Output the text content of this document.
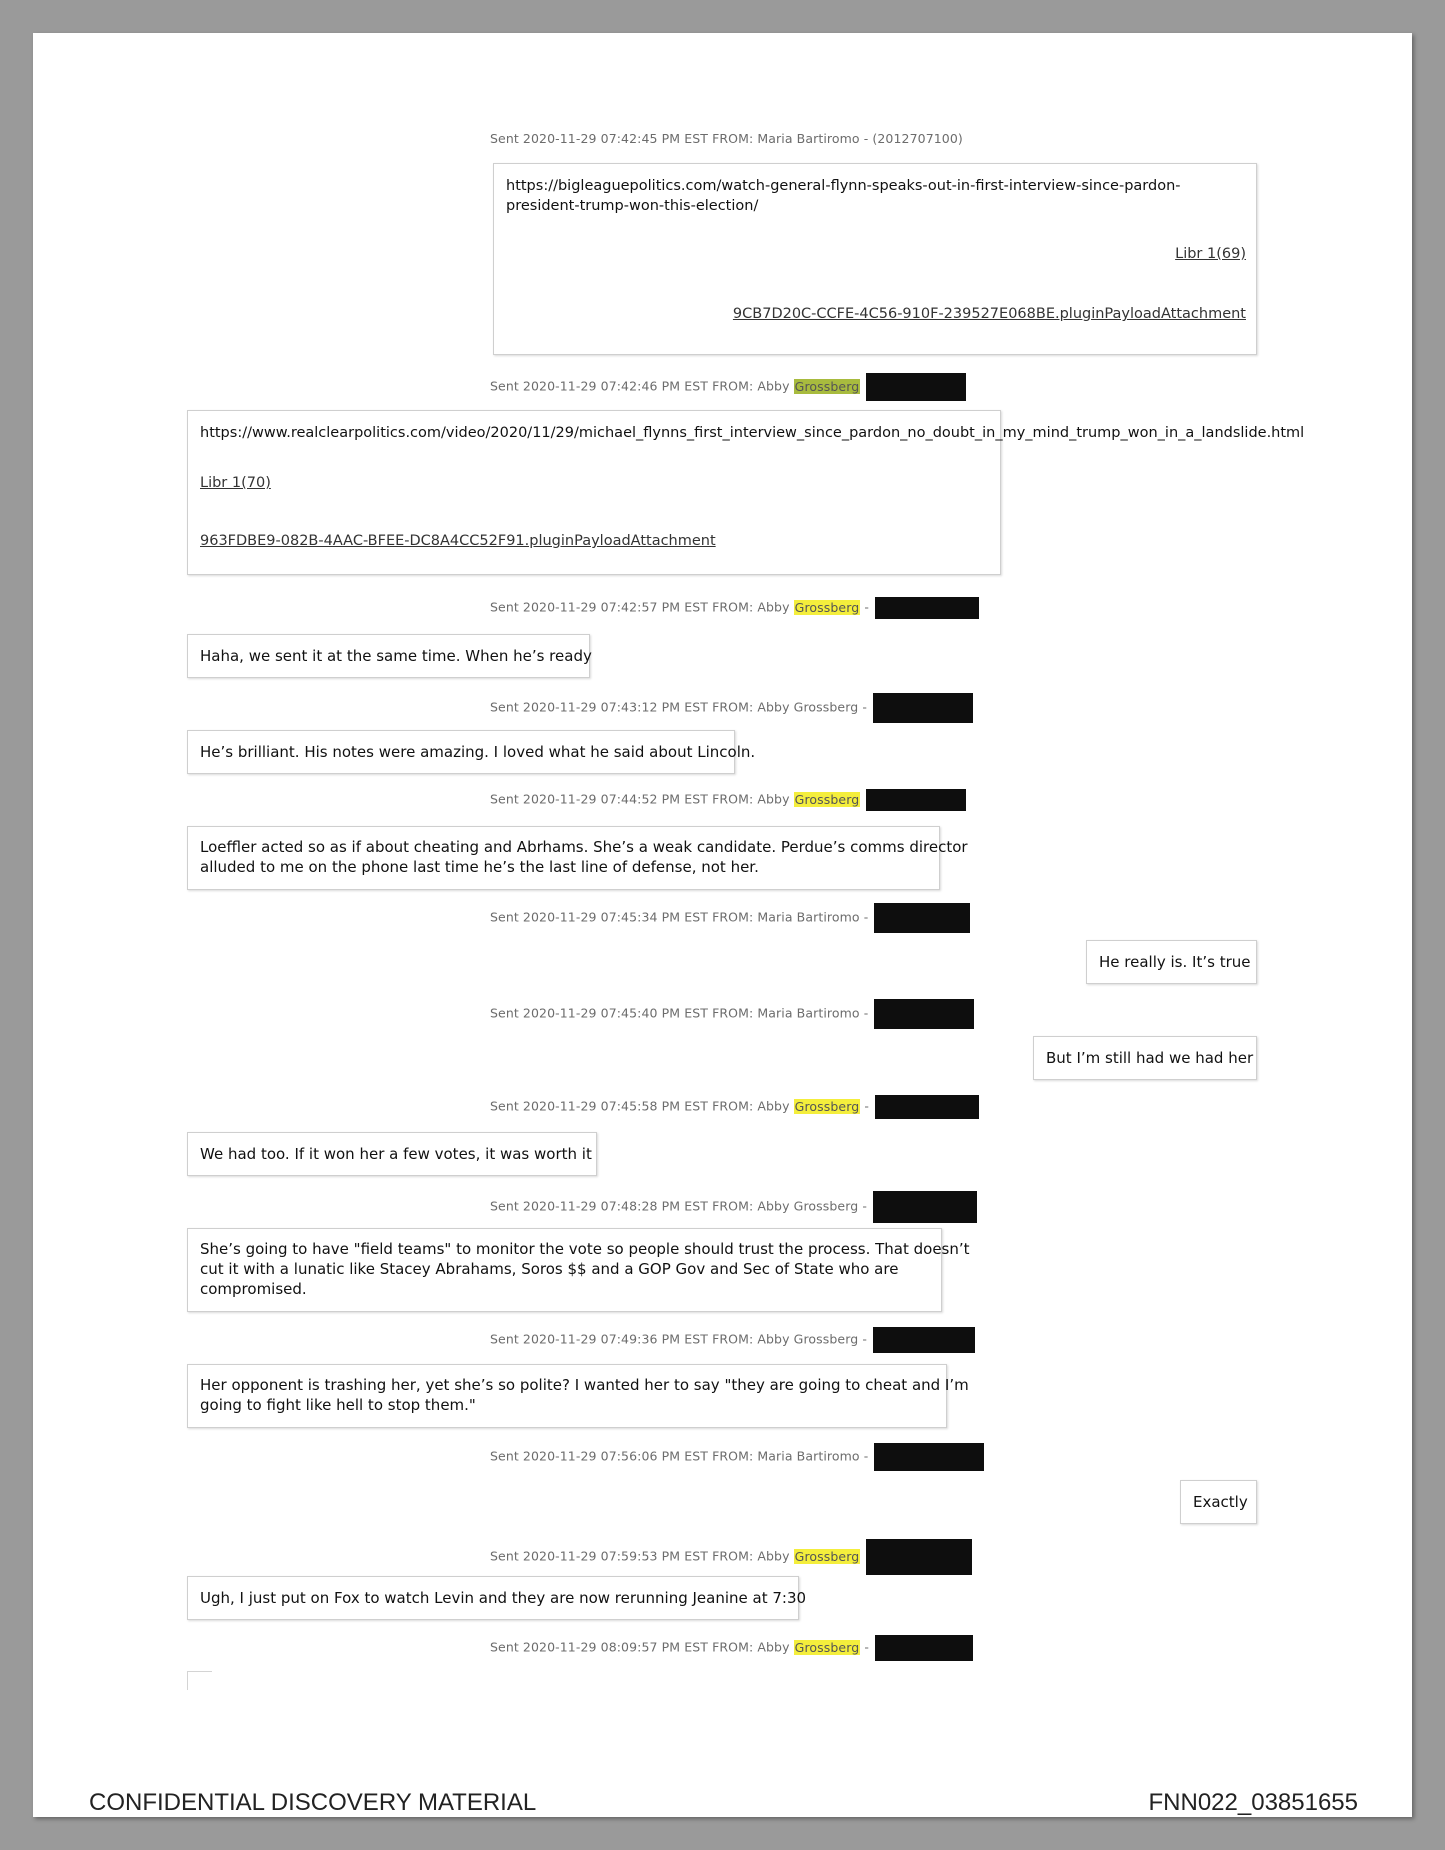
Sent 2020-11-29 07:42:45 PM EST FROM: Maria Bartiromo - (2012707100)
https://bigleaguepolitics.com/watch-general-flynn-speaks-out-in-first-interview-since-pardon-president-trump-won-this-election/
Libr 1(69)
9CB7D20C-CCFE-4C56-910F-239527E068BE.pluginPayloadAttachment
Sent 2020-11-29 07:42:46 PM EST FROM: Abby Grossberg
https://www.realclearpolitics.com/video/2020/11/29/michael_flynns_first_interview_since_pardon_no_doubt_in_my_mind_trump_won_in_a_landslide.html
Libr 1(70)
963FDBE9-082B-4AAC-BFEE-DC8A4CC52F91.pluginPayloadAttachment
Sent 2020-11-29 07:42:57 PM EST FROM: Abby Grossberg -
Haha, we sent it at the same time. When he’s ready
Sent 2020-11-29 07:43:12 PM EST FROM: Abby Grossberg -
He’s brilliant. His notes were amazing. I loved what he said about Lincoln.
Sent 2020-11-29 07:44:52 PM EST FROM: Abby Grossberg
Loeffler acted so as if about cheating and Abrhams. She’s a weak candidate. Perdue’s comms director
alluded to me on the phone last time he’s the last line of defense, not her.
Sent 2020-11-29 07:45:34 PM EST FROM: Maria Bartiromo -
He really is. It’s true
Sent 2020-11-29 07:45:40 PM EST FROM: Maria Bartiromo -
But I’m still had we had her
Sent 2020-11-29 07:45:58 PM EST FROM: Abby Grossberg -
We had too. If it won her a few votes, it was worth it
Sent 2020-11-29 07:48:28 PM EST FROM: Abby Grossberg -
She’s going to have "field teams" to monitor the vote so people should trust the process. That doesn’t
cut it with a lunatic like Stacey Abrahams, Soros $$ and a GOP Gov and Sec of State who are
compromised.
Sent 2020-11-29 07:49:36 PM EST FROM: Abby Grossberg -
Her opponent is trashing her, yet she’s so polite? I wanted her to say "they are going to cheat and I’m
going to fight like hell to stop them."
Sent 2020-11-29 07:56:06 PM EST FROM: Maria Bartiromo -
Exactly
Sent 2020-11-29 07:59:53 PM EST FROM: Abby Grossberg
Ugh, I just put on Fox to watch Levin and they are now rerunning Jeanine at 7:30
Sent 2020-11-29 08:09:57 PM EST FROM: Abby Grossberg -
CONFIDENTIAL DISCOVERY MATERIAL	FNN022_03851655
